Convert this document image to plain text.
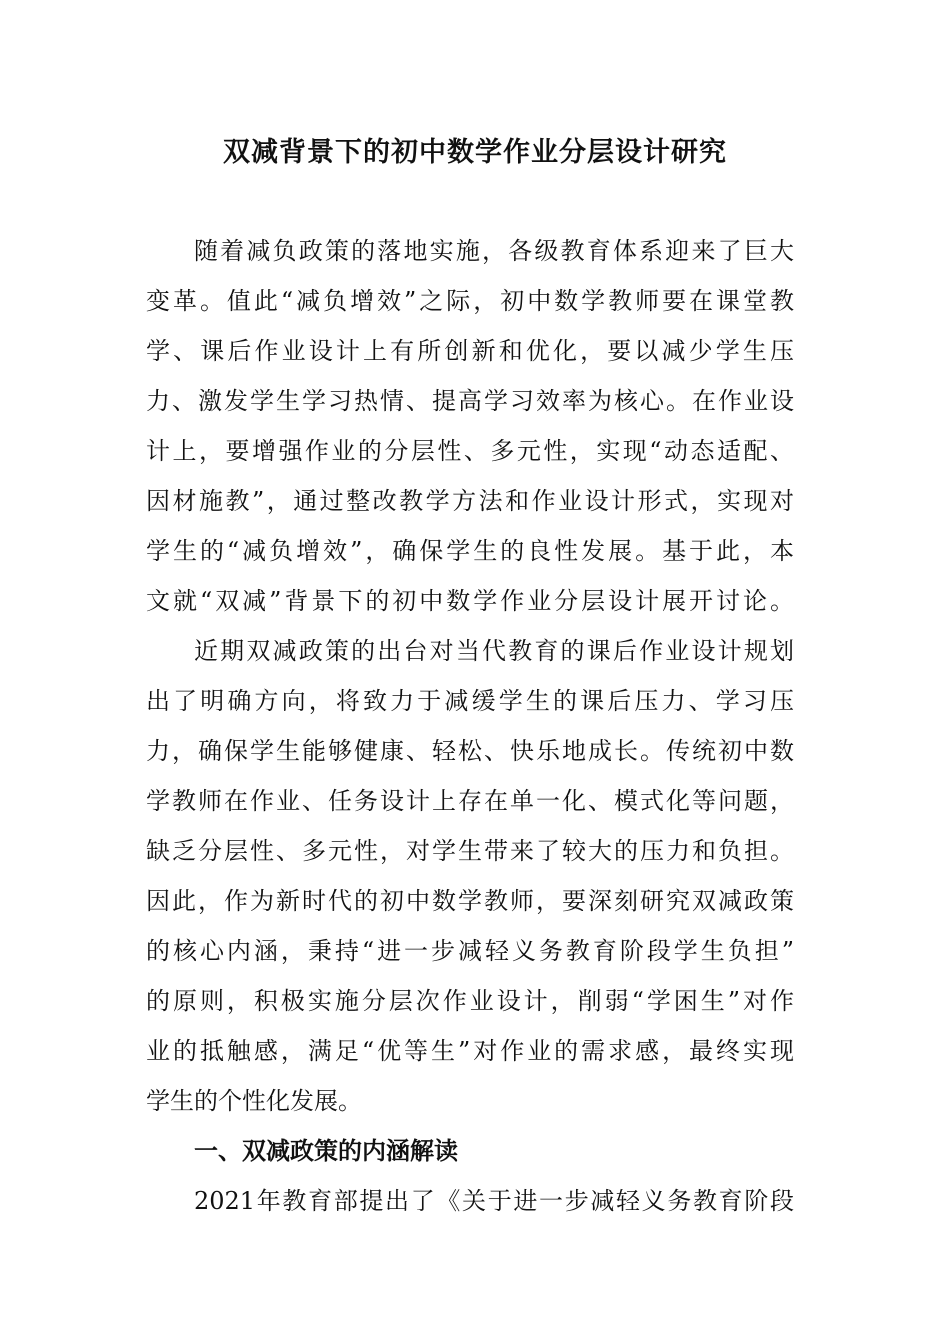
双减背景下的初中数学作业分层设计研究
随着减负政策的落地实施，各级教育体系迎来了巨大
变革。值此“减负增效”之际，初中数学教师要在课堂教
学、课后作业设计上有所创新和优化，要以减少学生压
力、激发学生学习热情、提高学习效率为核心。在作业设
计上，要增强作业的分层性、多元性，实现“动态适配、
因材施教”，通过整改教学方法和作业设计形式，实现对
学生的“减负增效”，确保学生的良性发展。基于此，本
文就“双减”背景下的初中数学作业分层设计展开讨论。
近期双减政策的出台对当代教育的课后作业设计规划
出了明确方向，将致力于减缓学生的课后压力、学习压
力，确保学生能够健康、轻松、快乐地成长。传统初中数
学教师在作业、任务设计上存在单一化、模式化等问题，
缺乏分层性、多元性，对学生带来了较大的压力和负担。
因此，作为新时代的初中数学教师，要深刻研究双减政策
的核心内涵，秉持“进一步减轻义务教育阶段学生负担”
的原则，积极实施分层次作业设计，削弱“学困生”对作
业的抵触感，满足“优等生”对作业的需求感，最终实现
学生的个性化发展。
一、双减政策的内涵解读
2021年教育部提出了《关于进一步减轻义务教育阶段
